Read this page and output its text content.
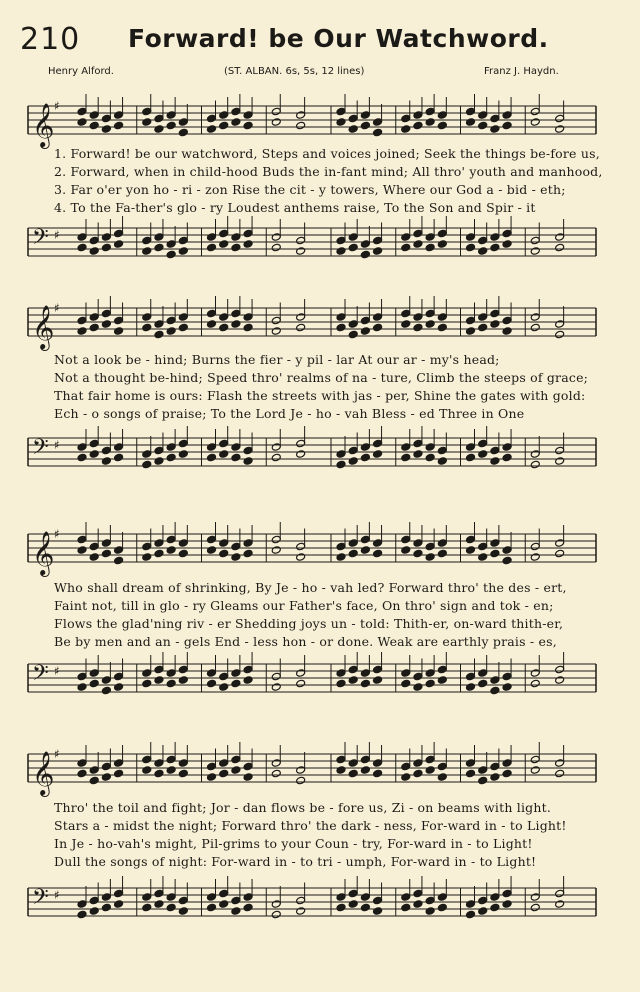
210 Forward! be Our Watchword.
Henry Alford.	(ST. ALBAN. 6s, 5s, 12 lines)	Franz J. Haydn.
𝄞 ♯
1. Forward! be our watchword, Steps and voices joined; Seek the things be-fore us,
2. Forward, when in child-hood Buds the in-fant mind; All thro' youth and manhood,
3. Far o'er yon ho - ri - zon Rise the cit - y towers, Where our God a - bid - eth;
4. To the Fa-ther's glo - ry Loudest anthems raise, To the Son and Spir - it
𝄢 ♯
𝄞 ♯
Not a look be - hind; Burns the fier - y pil - lar At our ar - my's head;
Not a thought be-hind; Speed thro' realms of na - ture, Climb the steeps of grace;
That fair home is ours: Flash the streets with jas - per, Shine the gates with gold:
Ech - o songs of praise; To the Lord Je - ho - vah Bless - ed Three in One
𝄢 ♯
𝄞 ♯
Who shall dream of shrinking, By Je - ho - vah led? Forward thro' the des - ert,
Faint not, till in glo - ry Gleams our Father's face, On thro' sign and tok - en;
Flows the glad'ning riv - er Shedding joys un - told: Thith-er, on-ward thith-er,
Be by men and an - gels End - less hon - or done. Weak are earthly prais - es,
𝄢 ♯
𝄞 ♯
Thro' the toil and fight; Jor - dan flows be - fore us, Zi - on beams with light.
Stars a - midst the night; Forward thro' the dark - ness, For-ward in - to Light!
In Je - ho-vah's might, Pil-grims to your Coun - try, For-ward in - to Light!
Dull the songs of night: For-ward in - to tri - umph, For-ward in - to Light!
𝄢 ♯
